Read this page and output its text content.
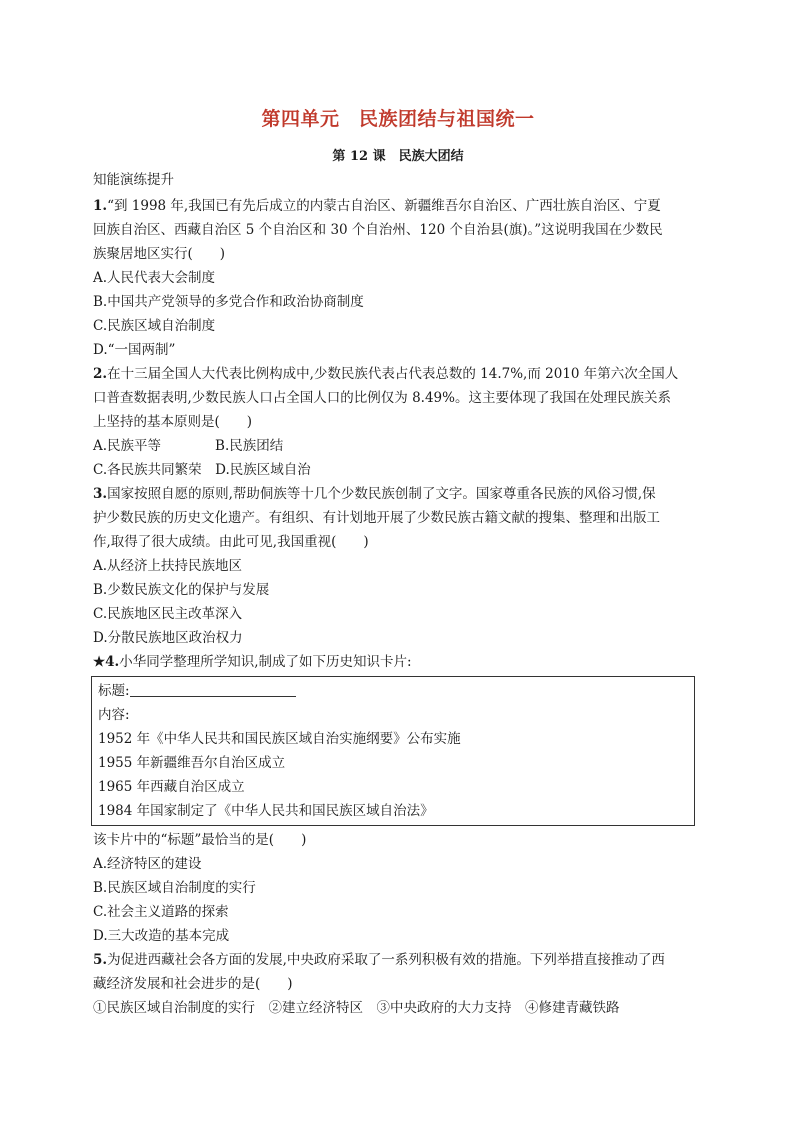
第四单元　民族团结与祖国统一
第 12 课　民族大团结
知能演练提升
1.“到 1998 年,我国已有先后成立的内蒙古自治区、新疆维吾尔自治区、广西壮族自治区、宁夏
回族自治区、西藏自治区 5 个自治区和 30 个自治州、120 个自治县(旗)。”这说明我国在少数民
族聚居地区实行(　　)
A.人民代表大会制度
B.中国共产党领导的多党合作和政治协商制度
C.民族区域自治制度
D.“一国两制”
2.在十三届全国人大代表比例构成中,少数民族代表占代表总数的 14.7%,而 2010 年第六次全国人
口普查数据表明,少数民族人口占全国人口的比例仅为 8.49%。这主要体现了我国在处理民族关系
上坚持的基本原则是(　　)
A.民族平等　　　　B.民族团结
C.各民族共同繁荣　D.民族区域自治
3.国家按照自愿的原则,帮助侗族等十几个少数民族创制了文字。国家尊重各民族的风俗习惯,保
护少数民族的历史文化遗产。有组织、有计划地开展了少数民族古籍文献的搜集、整理和出版工
作,取得了很大成绩。由此可见,我国重视(　　)
A.从经济上扶持民族地区
B.少数民族文化的保护与发展
C.民族地区民主改革深入
D.分散民族地区政治权力
★4.小华同学整理所学知识,制成了如下历史知识卡片:
标题:
内容:
1952 年《中华人民共和国民族区域自治实施纲要》公布实施
1955 年新疆维吾尔自治区成立
1965 年西藏自治区成立
1984 年国家制定了《中华人民共和国民族区域自治法》
该卡片中的“标题”最恰当的是(　　)
A.经济特区的建设
B.民族区域自治制度的实行
C.社会主义道路的探索
D.三大改造的基本完成
5.为促进西藏社会各方面的发展,中央政府采取了一系列积极有效的措施。下列举措直接推动了西
藏经济发展和社会进步的是(　　)
①民族区域自治制度的实行　②建立经济特区　③中央政府的大力支持　④修建青藏铁路
